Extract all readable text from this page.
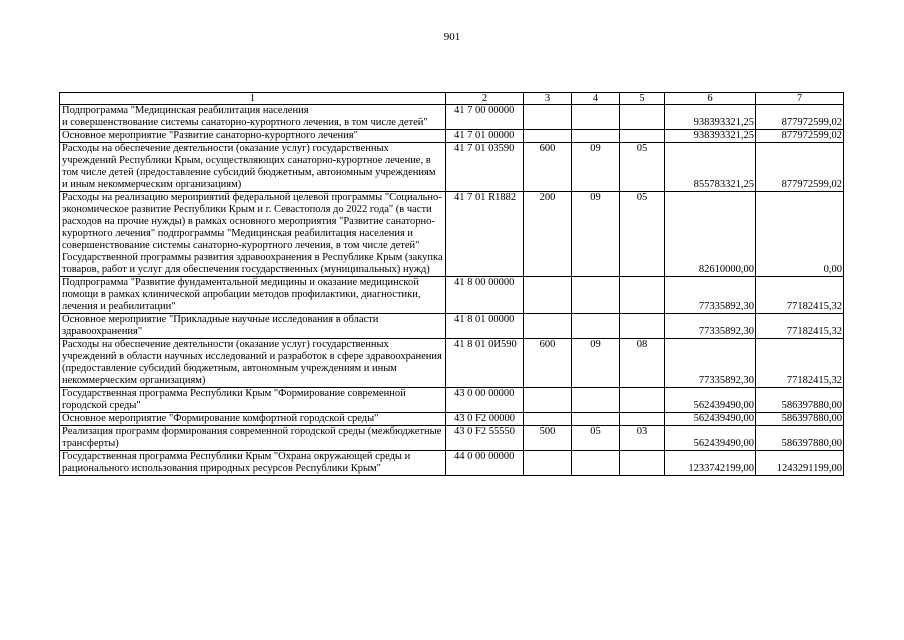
901
1	2	3	4	5	6	7
Подпрограмма "Медицинская реабилитация населения
и совершенствование системы санаторно-курортного лечения, в том числе детей"	41 7 00 00000				938393321,25	877972599,02
Основное мероприятие "Развитие санаторно-курортного лечения"	41 7 01 00000				938393321,25	877972599,02
Расходы на обеспечение деятельности (оказание услуг) государственных учреждений Республики Крым, осуществляющих санаторно-курортное лечение, в том числе детей (предоставление субсидий бюджетным, автономным учреждениям и иным некоммерческим организациям)	41 7 01 03590	600	09	05	855783321,25	877972599,02
Расходы на реализацию мероприятий федеральной целевой программы "Социально-экономическое развитие Республики Крым и г. Севастополя до 2022 года" (в части расходов на прочие нужды) в рамках основного мероприятия "Развитие санаторно-курортного лечения" подпрограммы "Медицинская реабилитация населения и совершенствование системы санаторно-курортного лечения, в том числе детей" Государственной программы развития здравоохранения в Республике Крым (закупка товаров, работ и услуг для обеспечения государственных (муниципальных) нужд)	41 7 01 R1882	200	09	05	82610000,00	0,00
Подпрограмма "Развитие фундаментальной медицины и оказание медицинской помощи в рамках клинической апробации методов профилактики, диагностики, лечения и реабилитации"	41 8 00 00000				77335892,30	77182415,32
Основное мероприятие "Прикладные научные исследования в области здравоохранения"	41 8 01 00000				77335892,30	77182415,32
Расходы на обеспечение деятельности (оказание услуг) государственных учреждений в области научных исследований и разработок в сфере здравоохранения (предоставление субсидий бюджетным, автономным учреждениям и иным некоммерческим организациям)	41 8 01 0И590	600	09	08	77335892,30	77182415,32
Государственная программа Республики Крым "Формирование современной городской среды"	43 0 00 00000				562439490,00	586397880,00
Основное мероприятие "Формирование комфортной городской среды"	43 0 F2 00000				562439490,00	586397880,00
Реализация программ формирования современной городской среды (межбюджетные трансферты)	43 0 F2 55550	500	05	03	562439490,00	586397880,00
Государственная программа Республики Крым "Охрана окружающей среды и рационального использования природных ресурсов Республики Крым"	44 0 00 00000				1233742199,00	1243291199,00
